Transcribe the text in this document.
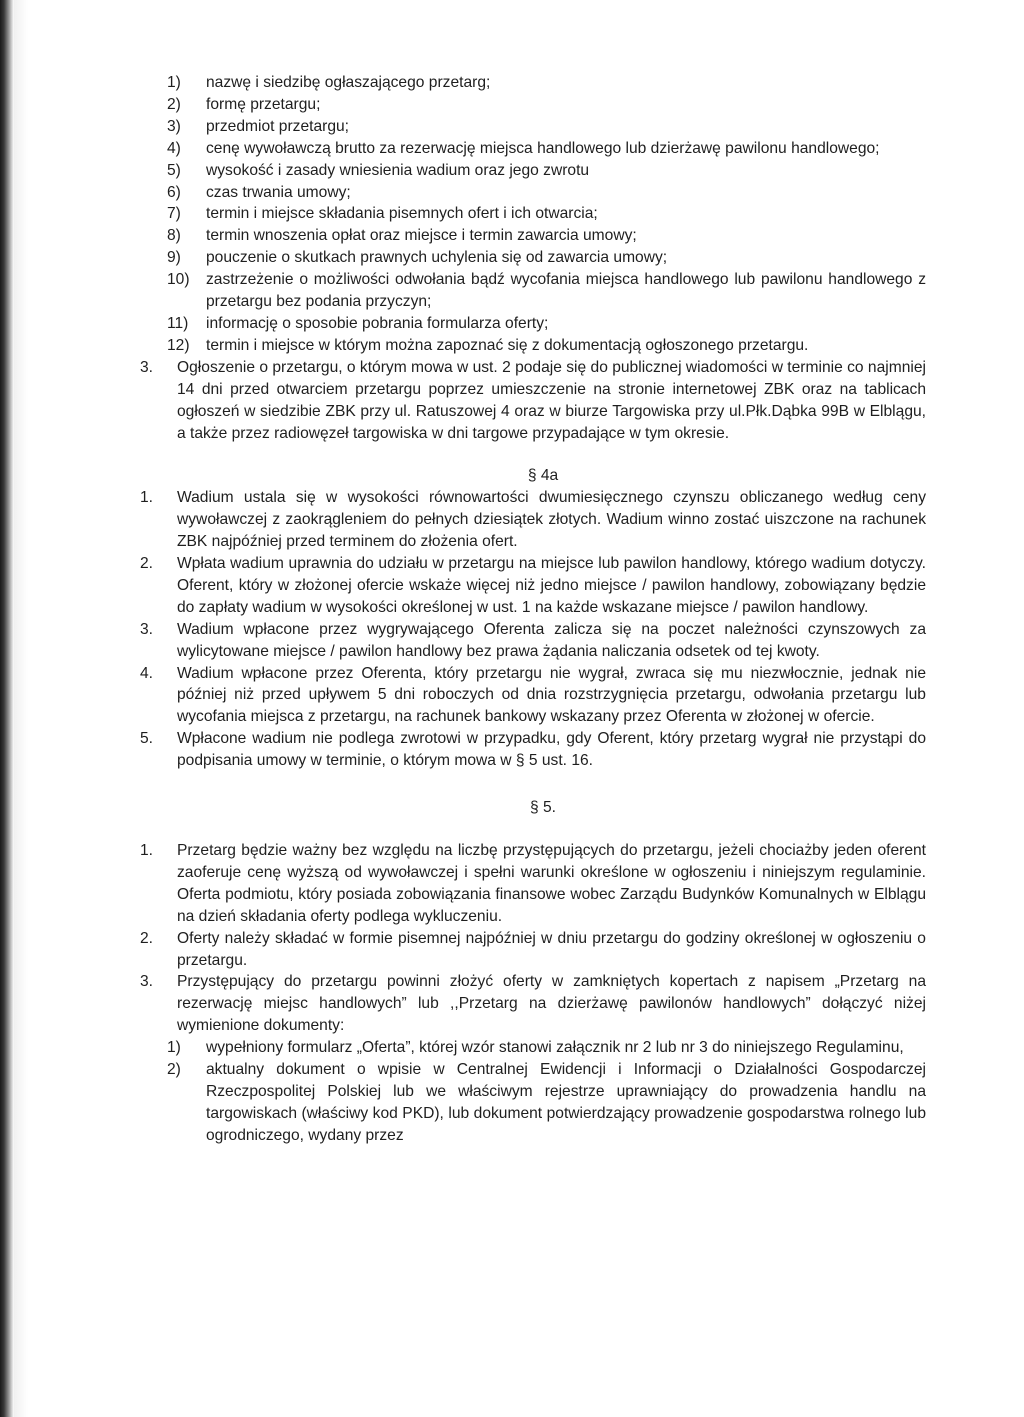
1)	nazwę i siedzibę ogłaszającego przetarg;
2)	formę przetargu;
3)	przedmiot przetargu;
4)	cenę wywoławczą brutto za rezerwację miejsca handlowego lub dzierżawę pawilonu handlowego;
5)	wysokość i zasady wniesienia wadium oraz jego zwrotu
6)	czas trwania umowy;
7)	termin i miejsce składania pisemnych ofert i ich otwarcia;
8)	termin wnoszenia opłat oraz miejsce i termin zawarcia umowy;
9)	pouczenie o skutkach prawnych uchylenia się od zawarcia umowy;
10)	zastrzeżenie o możliwości odwołania bądź wycofania miejsca handlowego lub pawilonu handlowego z przetargu bez podania przyczyn;
11)	informację o sposobie pobrania formularza oferty;
12)	termin i miejsce w którym można zapoznać się z dokumentacją ogłoszonego przetargu.
3.	Ogłoszenie o przetargu, o którym mowa w ust. 2 podaje się do publicznej wiadomości w terminie co najmniej 14 dni przed otwarciem przetargu poprzez umieszczenie na stronie internetowej ZBK oraz na tablicach ogłoszeń w siedzibie ZBK przy ul. Ratuszowej 4 oraz w biurze Targowiska przy ul.Płk.Dąbka 99B w Elblągu, a także przez radiowęzeł targowiska w dni targowe przypadające w tym okresie.
§ 4a
1.	Wadium ustala się w wysokości równowartości dwumiesięcznego czynszu obliczanego według ceny wywoławczej z zaokrągleniem do pełnych dziesiątek złotych. Wadium winno zostać uiszczone na rachunek ZBK najpóźniej przed terminem do złożenia ofert.
2.	Wpłata wadium uprawnia do udziału w przetargu na miejsce lub pawilon handlowy, którego wadium dotyczy. Oferent, który w złożonej ofercie wskaże więcej niż jedno miejsce / pawilon handlowy, zobowiązany będzie do zapłaty wadium w wysokości określonej w ust. 1 na każde wskazane miejsce / pawilon handlowy.
3.	Wadium wpłacone przez wygrywającego Oferenta zalicza się na poczet należności czynszowych za wylicytowane miejsce / pawilon handlowy bez prawa żądania naliczania odsetek od tej kwoty.
4.	Wadium wpłacone przez Oferenta, który przetargu nie wygrał, zwraca się mu niezwłocznie, jednak nie później niż przed upływem 5 dni roboczych od dnia rozstrzygnięcia przetargu, odwołania przetargu lub wycofania miejsca z przetargu, na rachunek bankowy wskazany przez Oferenta w złożonej w ofercie.
5.	Wpłacone wadium nie podlega zwrotowi w przypadku, gdy Oferent, który przetarg wygrał nie przystąpi do podpisania umowy w terminie, o którym mowa w § 5 ust. 16.
§ 5.
1.	Przetarg będzie ważny bez względu na liczbę przystępujących do przetargu, jeżeli chociażby jeden oferent zaoferuje cenę wyższą od wywoławczej i spełni warunki określone w ogłoszeniu i niniejszym regulaminie. Oferta podmiotu, który posiada zobowiązania finansowe wobec Zarządu Budynków Komunalnych w Elblągu na dzień składania oferty podlega wykluczeniu.
2.	Oferty należy składać w formie pisemnej najpóźniej w dniu przetargu do godziny określonej w ogłoszeniu o przetargu.
3.	Przystępujący do przetargu powinni złożyć oferty w zamkniętych kopertach z napisem „Przetarg na rezerwację miejsc handlowych” lub ,,Przetarg na dzierżawę pawilonów handlowych” dołączyć niżej wymienione dokumenty:
1)	wypełniony formularz „Oferta”, której wzór stanowi załącznik nr 2 lub nr 3 do niniejszego Regulaminu,
2)	aktualny dokument o wpisie w Centralnej Ewidencji i Informacji o Działalności Gospodarczej Rzeczpospolitej Polskiej lub we właściwym rejestrze uprawniający do prowadzenia handlu na targowiskach (właściwy kod PKD), lub dokument potwierdzający prowadzenie gospodarstwa rolnego lub ogrodniczego, wydany przez
